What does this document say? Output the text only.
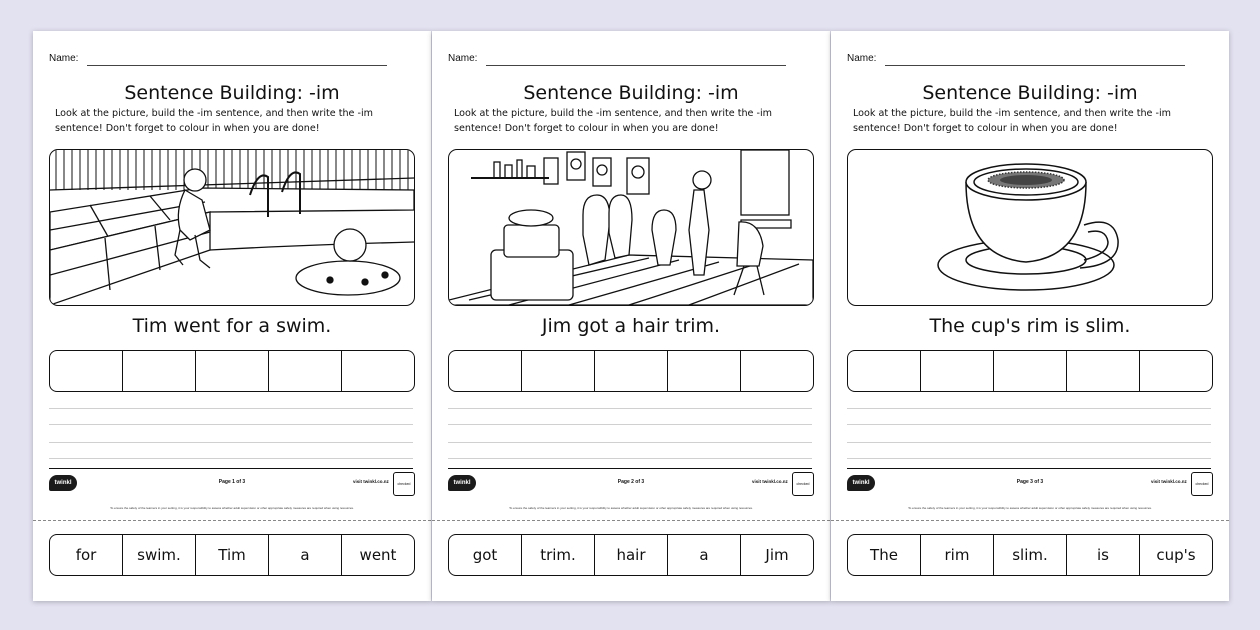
Name:
Sentence Building: -im
Look at the picture, build the -im sentence, and then write the -im sentence! Don't forget to colour in when you are done!
Tim went for a swim.
twinkl	Page 1 of 3	visit twinkl.co.nz	checked
To ensure the safety of the learners in your setting, it is your responsibility to assess whether adult supervision or other appropriate safety measures are required when using resources.
for	swim.	Tim	a	went
Name:
Sentence Building: -im
Look at the picture, build the -im sentence, and then write the -im sentence! Don't forget to colour in when you are done!
Jim got a hair trim.
twinkl	Page 2 of 3	visit twinkl.co.nz	checked
To ensure the safety of the learners in your setting, it is your responsibility to assess whether adult supervision or other appropriate safety measures are required when using resources.
got	trim.	hair	a	Jim
Name:
Sentence Building: -im
Look at the picture, build the -im sentence, and then write the -im sentence! Don't forget to colour in when you are done!
The cup's rim is slim.
twinkl	Page 3 of 3	visit twinkl.co.nz	checked
To ensure the safety of the learners in your setting, it is your responsibility to assess whether adult supervision or other appropriate safety measures are required when using resources.
The	rim	slim.	is	cup's
